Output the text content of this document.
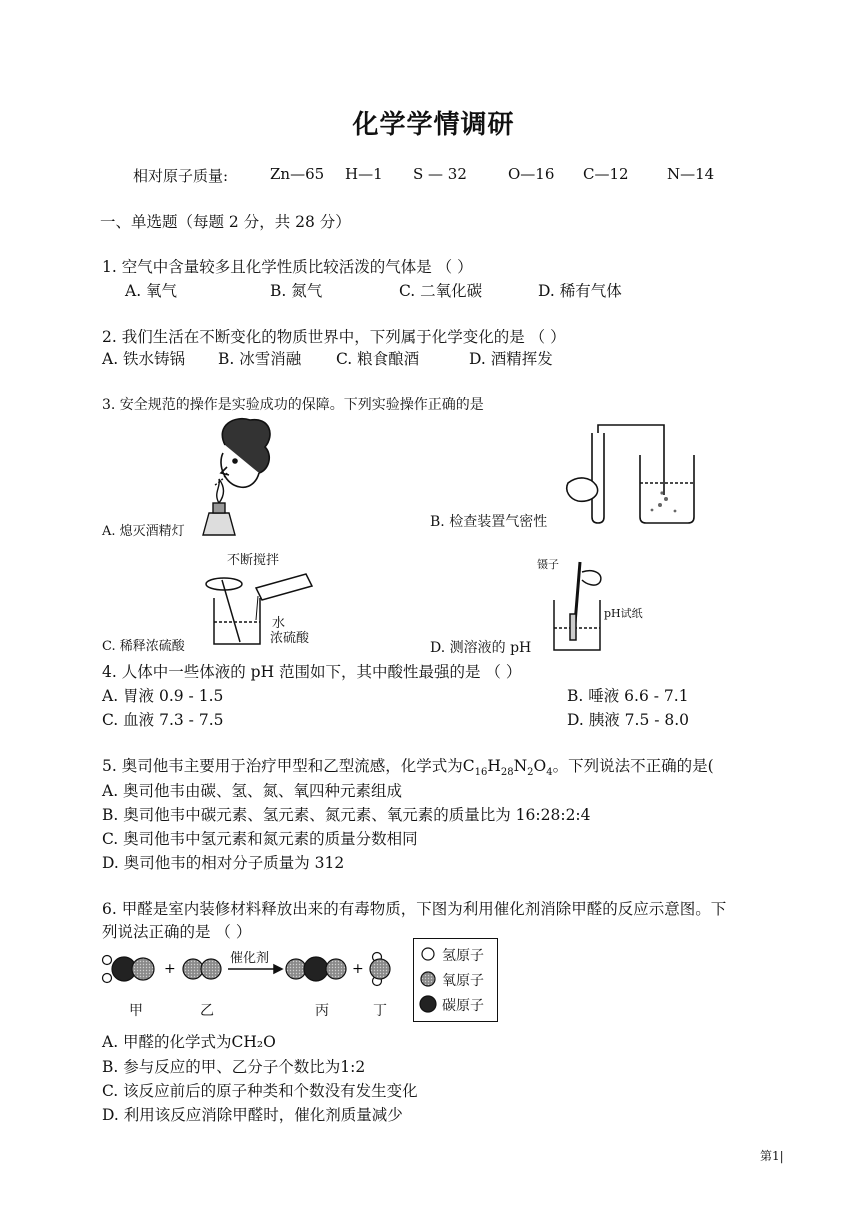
化学学情调研
相对原子质量:	Zn—65 H—1 S — 32	O—16 C—12	N—14
一、单选题（每题 2 分，共 28 分）
1. 空气中含量较多且化学性质比较活泼的气体是 （ ）
A. 氧气	B. 氮气	C. 二氧化碳	D. 稀有气体
2. 我们生活在不断变化的物质世界中，下列属于化学变化的是 （ ）
A. 铁水铸锅 B. 冰雪消融 C. 粮食酿酒	D. 酒精挥发
3. 安全规范的操作是实验成功的保障。下列实验操作正确的是
A. 熄灭酒精灯
B. 检查装置气密性
不断搅拌
水
浓硫酸
C. 稀释浓硫酸
镊子
pH试纸
D. 测溶液的 pH
4. 人体中一些体液的 pH 范围如下，其中酸性最强的是 （ ）
A. 胃液 0.9 - 1.5	B. 唾液 6.6 - 7.1
C. 血液 7.3 - 7.5	D. 胰液 7.5 - 8.0
5. 奥司他韦主要用于治疗甲型和乙型流感，化学式为$C_{16}H_{28}N_2O_4$。下列说法不正确的是(
A. 奥司他韦由碳、氢、氮、氧四种元素组成
B. 奥司他韦中碳元素、氢元素、氮元素、氧元素的质量比为 16:28:2:4
C. 奥司他韦中氢元素和氮元素的质量分数相同
D. 奥司他韦的相对分子质量为 312
6. 甲醛是室内装修材料释放出来的有毒物质，下图为利用催化剂消除甲醛的反应示意图。下
列说法正确的是 （ ）
+	+
催化剂
甲	乙	丙	丁
氢原子
氧原子
碳原子
A. 甲醛的化学式为CH₂O
B. 参与反应的甲、乙分子个数比为1:2
C. 该反应前后的原子种类和个数没有发生变化
D. 利用该反应消除甲醛时，催化剂质量减少
第1|
